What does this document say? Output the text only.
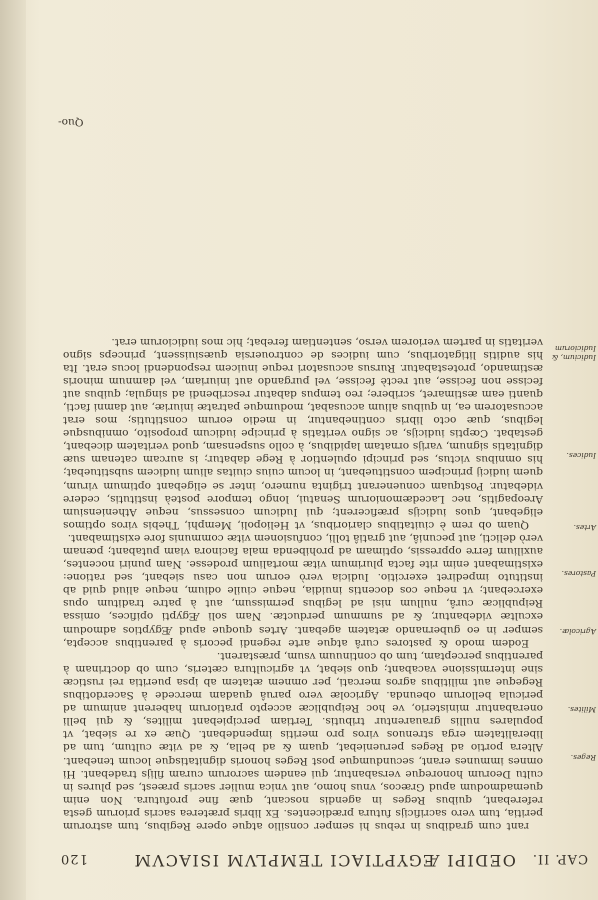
CAP. II.
OEDIPI ÆGYPTIACI TEMPLVM ISIACVM
120
Reges.
Milites.
Agricolæ.
Pastores.
Artes.
Iudices.
Iudicium, & Iudiciorum

rant cum gradibus in rebus hi semper consilio atque opere Regibus, tum astrorum peritia, tum vero sacrificijs futura prædicentes. Ex libris præterea sacris priorum gesta referebant, quibus Reges in agendis noscant, quæ fine profutura. Non enim quemadmodum apud Græcos, vnus homo, aut vnica mulier sacris præest, sed plures in cultu Deorum honoreque versabantur, qui eandem sacrorum curam filijs tradebant. Hi omnes immunes erant, secundumque post Reges honoris dignitatisque locum tenebant. Altera portio ad Reges perueniebat, quam & ad bella, & ad vitæ cultum, tum ad liberalitatem erga strenuos viros pro meritis impendebant. Quæ ex re siebat, vt populares nullis grauarentur tributis. Tertiam percipiebant milites, & qui belli onerabantur ministerio, ve hoc Reipublicæ accepto pratiorum haberent animum ad pericula bellorum obeunda. Agricolæ vero paruâ quadam mercede à Sacerdotibus Regeque aut militibus agros mercati, per omnem ætatem ab ipsa pueritia rei rusticæ sine intermissione vacabant; quo siebat, vt agricultura cæteris, cum ob doctrinam à parentibus perceptam, tum ob continuum vsum, præstarent.

Eodem modo & pastores curâ atque arte regendi pecoris à parentibus accepta, semper in eo gubernando ætatem agebant. Artes quoque apud Ægyptios admodum excultæ videbantur, & ad summum perductæ. Nam soli Ægypti opifices, omissa Reipublicæ curâ, nullum nisi ad legibus permissum, aut à patre traditum opus exercebant; vt neque cos docentis inuidia, neque ciuile odium, neque aliud quid ab instituto impediret exercitio. Iudicia verò eorum non casu siebant, sed ratione: existimabant enim rite facta plurimum vitæ mortalium prodesse. Nam puniri nocentes, auxilium ferre oppressis, optimam ad prohibenda mala facinora viam putabant; pœnam verò delicti, aut pecuniâ, aut gratiâ tolli, confusionem vitæ communis fore existimabant.

Quam ob rem è ciuitatibus clarioribus, vt Heliopoli, Memphi, Thebis viros optimos eligebant, quos iudicijs præficerent; qui Iudicum consessus, neque Atheniensium Areopagitis, nec Lacedæmoniorum Senatui, longo tempore posteà institutis, cedere videbatur. Postquam conuenerant triginta numero, inter se eligebant optimum virum, quem iudicij principem constituebant, in locum cuius ciuitas alium iudicem substituebat; his omnibus victus, sed principi opulentior à Rege dabatur; is aurcam catenam suæ dignitatis signum, varijs ornatam lapidibus, à collo suspensam, quod veritatem dicebant, gestabat. Cœptis iudicijs, ac signo veritatis à principe iudicum proposito, omnibusque legibus, quæ octo libris continebantur, in medio eorum constitutis; mos erat accusatorem ea, in quibus alium accusabat, modumque patratæ iniuriæ, aut damni facti, quanti eam æstimaret, scribere; reo tempus dabatur rescribendi ad singula; quibus aut fecisse non fecisse, aut rectè fecisse, vel purgando aut iniuriam, vel damnum minoris æstimando, protestabatur. Rursus accusatori reque inuicem respondendi locus erat. Ita his auditis litigatoribus, cum iudices de controuersia quæsiuissent, princeps signo veritatis in partem veriorem verso, sententiam ferebat; hic mos iudiciorum erat.

Quo-
